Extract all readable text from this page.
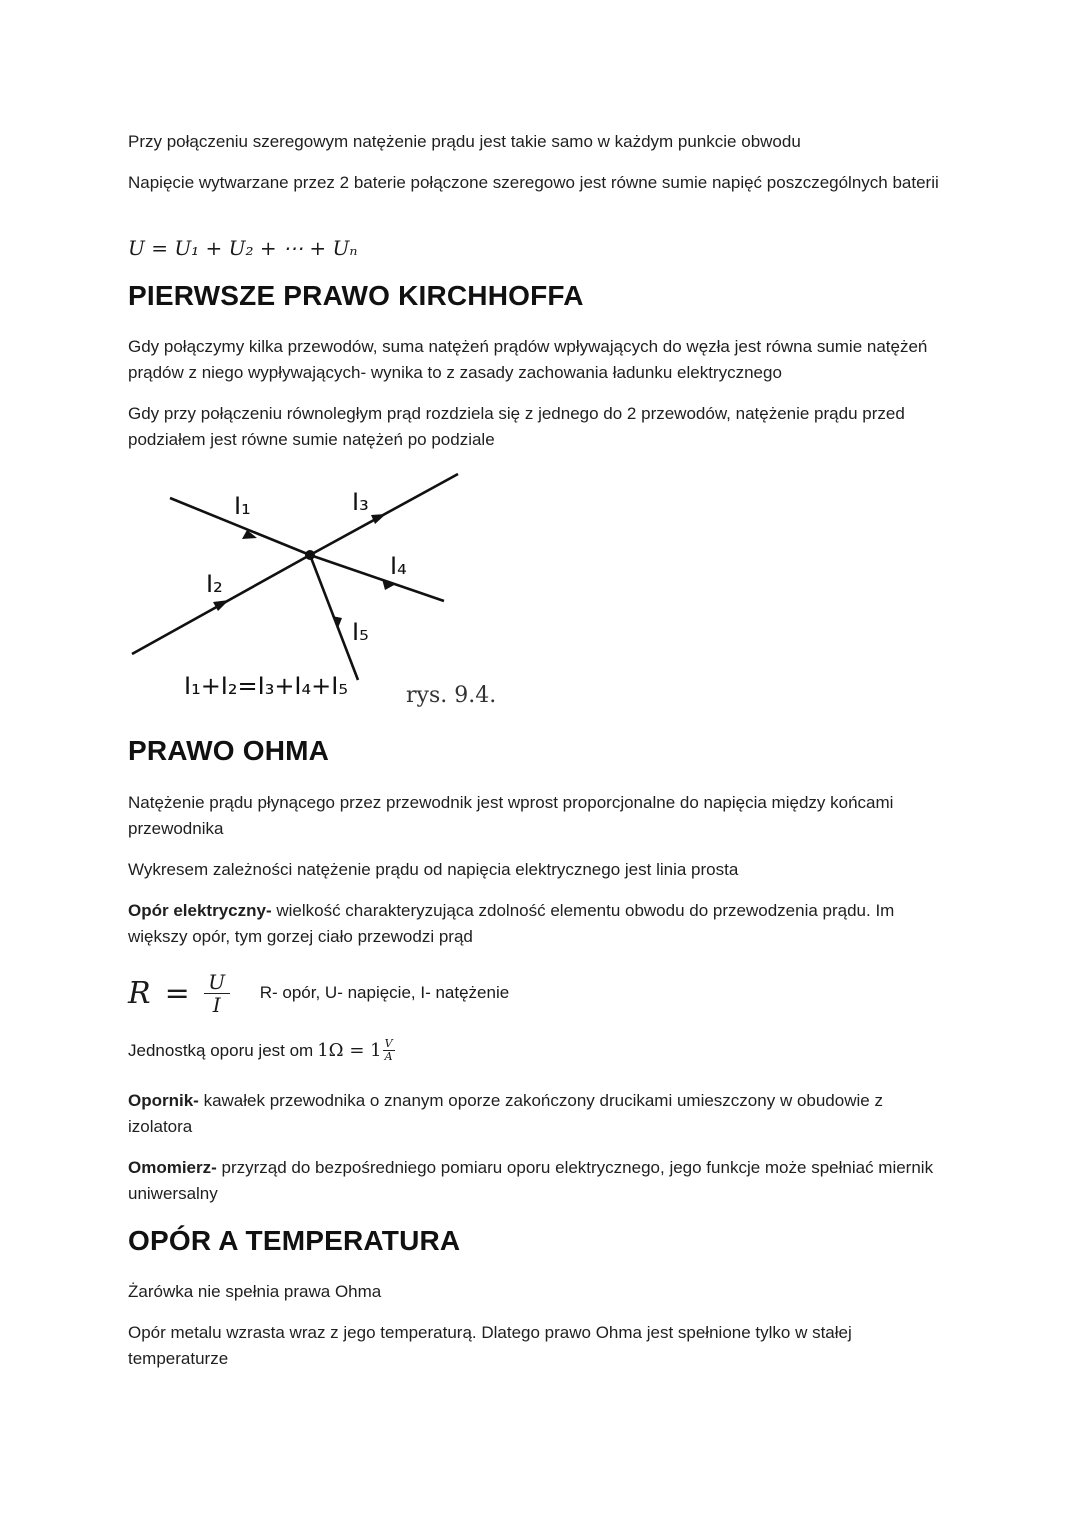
Przy połączeniu szeregowym natężenie prądu jest takie samo w każdym punkcie obwodu
Napięcie wytwarzane przez 2 baterie połączone szeregowo jest równe sumie napięć poszczególnych baterii
U = U₁ + U₂ + ⋯ + Uₙ
PIERWSZE PRAWO KIRCHHOFFA
Gdy połączymy kilka przewodów, suma natężeń prądów wpływających do węzła jest równa sumie natężeń prądów z niego wypływających- wynika to z zasady zachowania ładunku elektrycznego
Gdy przy połączeniu równoległym prąd rozdziela się z jednego do 2 przewodów, natężenie prądu przed podziałem jest równe sumie natężeń po podziale
I₁
I₂
I₃
I₄
I₅
I₁+I₂=I₃+I₄+I₅	rys. 9.4.
PRAWO OHMA
Natężenie prądu płynącego przez przewodnik jest wprost proporcjonalne do napięcia między końcami przewodnika
Wykresem zależności natężenie prądu od napięcia elektrycznego jest linia prosta
Opór elektryczny- wielkość charakteryzująca zdolność elementu obwodu do przewodzenia prądu. Im większy opór, tym gorzej ciało przewodzi prąd
$R = \frac{U}{I} R-$ opór, U- napięcie, I- natężenie
Jednostką oporu jest om $1\Omega = 1 \frac{V}{A}$
Opornik- kawałek przewodnika o znanym oporze zakończony drucikami umieszczony w obudowie z izolatora
Omomierz- przyrząd do bezpośredniego pomiaru oporu elektrycznego, jego funkcje może spełniać miernik uniwersalny
OPÓR A TEMPERATURA
Żarówka nie spełnia prawa Ohma
Opór metalu wzrasta wraz z jego temperaturą. Dlatego prawo Ohma jest spełnione tylko w stałej temperaturze
